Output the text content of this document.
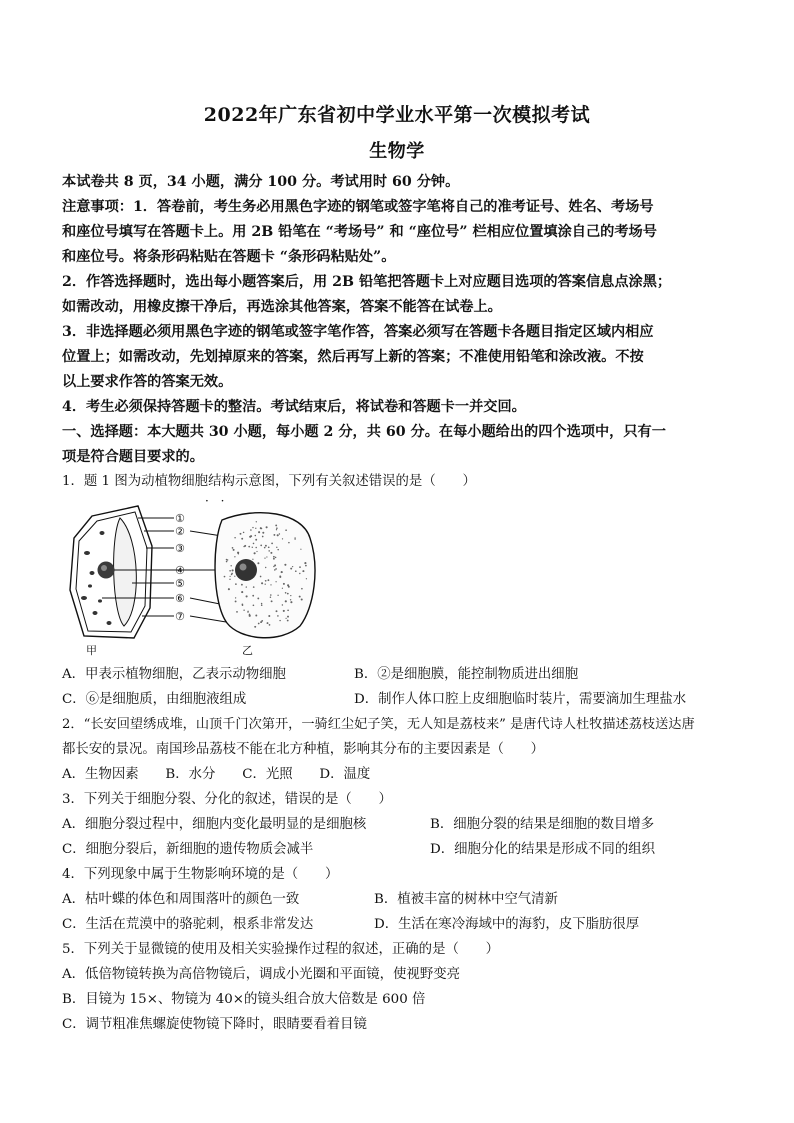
2022年广东省初中学业水平第一次模拟考试
生物学
本试卷共 8 页，34 小题，满分 100 分。考试用时 60 分钟。
注意事项：1．答卷前，考生务必用黑色字迹的钢笔或签字笔将自己的准考证号、姓名、考场号
和座位号填写在答题卡上。用 2B 铅笔在 “考场号” 和 “座位号” 栏相应位置填涂自己的考场号
和座位号。将条形码粘贴在答题卡 “条形码粘贴处”。
2．作答选择题时，选出每小题答案后，用 2B 铅笔把答题卡上对应题目选项的答案信息点涂黑；
如需改动，用橡皮擦干净后，再选涂其他答案，答案不能答在试卷上。
3．非选择题必须用黑色字迹的钢笔或签字笔作答，答案必须写在答题卡各题目指定区域内相应
位置上；如需改动，先划掉原来的答案，然后再写上新的答案；不准使用铅笔和涂改液。不按
以上要求作答的答案无效。
4．考生必须保持答题卡的整洁。考试结束后，将试卷和答题卡一并交回。
一、选择题：本大题共 30 小题，每小题 2 分，共 60 分。在每小题给出的四个选项中，只有一
项是符合题目要求的。
1．题 1 图为动植物细胞结构示意图，下列有关叙述错误的是（　　）
· ·
①
②
③
④
⑤
⑥
⑦
甲	乙
A．甲表示植物细胞，乙表示动物细胞	B．②是细胞膜，能控制物质进出细胞
C．⑥是细胞质，由细胞液组成	D．制作人体口腔上皮细胞临时装片，需要滴加生理盐水
2．“长安回望绣成堆，山顶千门次第开，一骑红尘妃子笑，无人知是荔枝来” 是唐代诗人杜牧描述荔枝送达唐
都长安的景况。南国珍品荔枝不能在北方种植，影响其分布的主要因素是（　　）
A．生物因素　　B．水分　　C．光照　　D．温度
3．下列关于细胞分裂、分化的叙述，错误的是（　　）
A．细胞分裂过程中，细胞内变化最明显的是细胞核	B．细胞分裂的结果是细胞的数目增多
C．细胞分裂后，新细胞的遗传物质会减半	D．细胞分化的结果是形成不同的组织
4．下列现象中属于生物影响环境的是（　　）
A．枯叶蝶的体色和周围落叶的颜色一致	B．植被丰富的树林中空气清新
C．生活在荒漠中的骆驼刺，根系非常发达	D．生活在寒冷海域中的海豹，皮下脂肪很厚
5．下列关于显微镜的使用及相关实验操作过程的叙述，正确的是（　　）
A．低倍物镜转换为高倍物镜后，调成小光圈和平面镜，使视野变亮
B．目镜为 15×、物镜为 40×的镜头组合放大倍数是 600 倍
C．调节粗准焦螺旋使物镜下降时，眼睛要看着目镜
